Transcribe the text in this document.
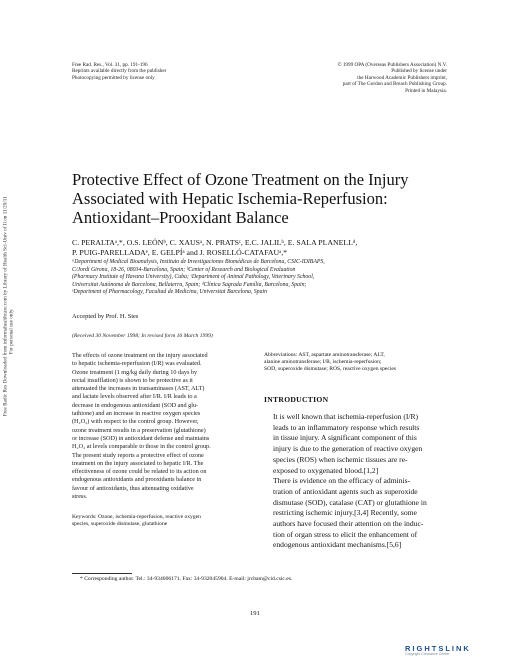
Free Rad. Res., Vol. 31, pp. 191-196
Reprints available directly from the publisher
Photocopying permitted by license only
© 1999 OPA (Overseas Publishers Association) N.V.
Published by license under
the Harwood Academic Publishers imprint,
part of The Gordon and Breach Publishing Group.
Printed in Malaysia.
Free Radic Res Downloaded from informahealthcare.com by Library of Health Sci-Univ of Il on 11/20/11 For personal use only.
Protective Effect of Ozone Treatment on the Injury
Associated with Hepatic Ischemia-Reperfusion:
Antioxidant–Prooxidant Balance
C. PERALTAᵃ,*, O.S. LEÓNᵇ, C. XAUSᵃ, N. PRATSᶜ, E.C. JALILᵇ, E. SALA PLANELLᵈ,
P. PUIG-PARELLADAᵉ, E. GELPÍᵃ and J. ROSELLÓ-CATAFAUᵃ,*
ᵃDepartment of Medical Bioanalysis, Instituto de Investigaciones Biomédicas de Barcelona, CSIC-IDIBAPS,
C/Jordi Girona, 18-26, 08034-Barcelona, Spain; ᵇCenter of Research and Biological Evaluation
(Pharmacy Institute of Havana University), Cuba; ᶜDepartment of Animal Pathology, Veterinary School,
Universitat Autònoma de Barcelona, Bellaterra, Spain; ᵈClínica Sagrada Família, Barcelona, Spain;
ᵉDepartment of Pharmacology, Facultad de Medicina, Universitat Barcelona, Spain
Accepted by Prof. H. Sies
(Received 30 November 1998; In revised form 16 March 1999)
The effects of ozone treatment on the injury associated
to hepatic ischemia-reperfusion (I/R) was evaluated.
Ozone treatment (1 mg/kg daily during 10 days by
rectal insufflation) is shown to be protective as it
attenuated the increases in transaminases (AST, ALT)
and lactate levels observed after I/R. I/R leads to a
decrease in endogenous antioxidant (SOD and glu-
tathione) and an increase in reactive oxygen species
(H₂O₂) with respect to the control group. However,
ozone treatment results in a preservation (glutathione)
or increase (SOD) in antioxidant defense and maintains
H₂O₂ at levels comparable to those in the control group.
The present study reports a protective effect of ozone
treatment on the injury associated to hepatic I/R. The
effectiveness of ozone could be related to its action on
endogenous antioxidants and prooxidants balance in
favour of antioxidants, thus attenuating oxidative
stress.
Keywords: Ozone, ischemia-reperfusion, reactive oxygen
species, superoxide dismutase, glutathione
Abbreviations: AST, aspartate aminotransferase; ALT,
alanine aminotransferase; I/R, ischemia-reperfusion;
SOD, superoxide dismutase; ROS, reactive oxygen species
INTRODUCTION

It is well known that ischemia-reperfusion (I/R)
leads to an inflammatory response which results
in tissue injury. A significant component of this
injury is due to the generation of reactive oxygen
species (ROS) when ischemic tissues are re-
exposed to oxygenated blood.[1,2]

There is evidence on the efficacy of adminis-
tration of antioxidant agents such as superoxide
dismutase (SOD), catalase (CAT) or glutathione in
restricting ischemic injury.[3,4] Recently, some
authors have focused their attention on the induc-
tion of organ stress to elicit the enhancement of
endogenous antioxidant mechanisms.[5,6]

* Corresponding author. Tel.: 34-934006171. Fax: 34-932045904. E-mail: jrcbam@cid.csic.es.
191
RIGHTSLINK
Copyright Clearance Center
